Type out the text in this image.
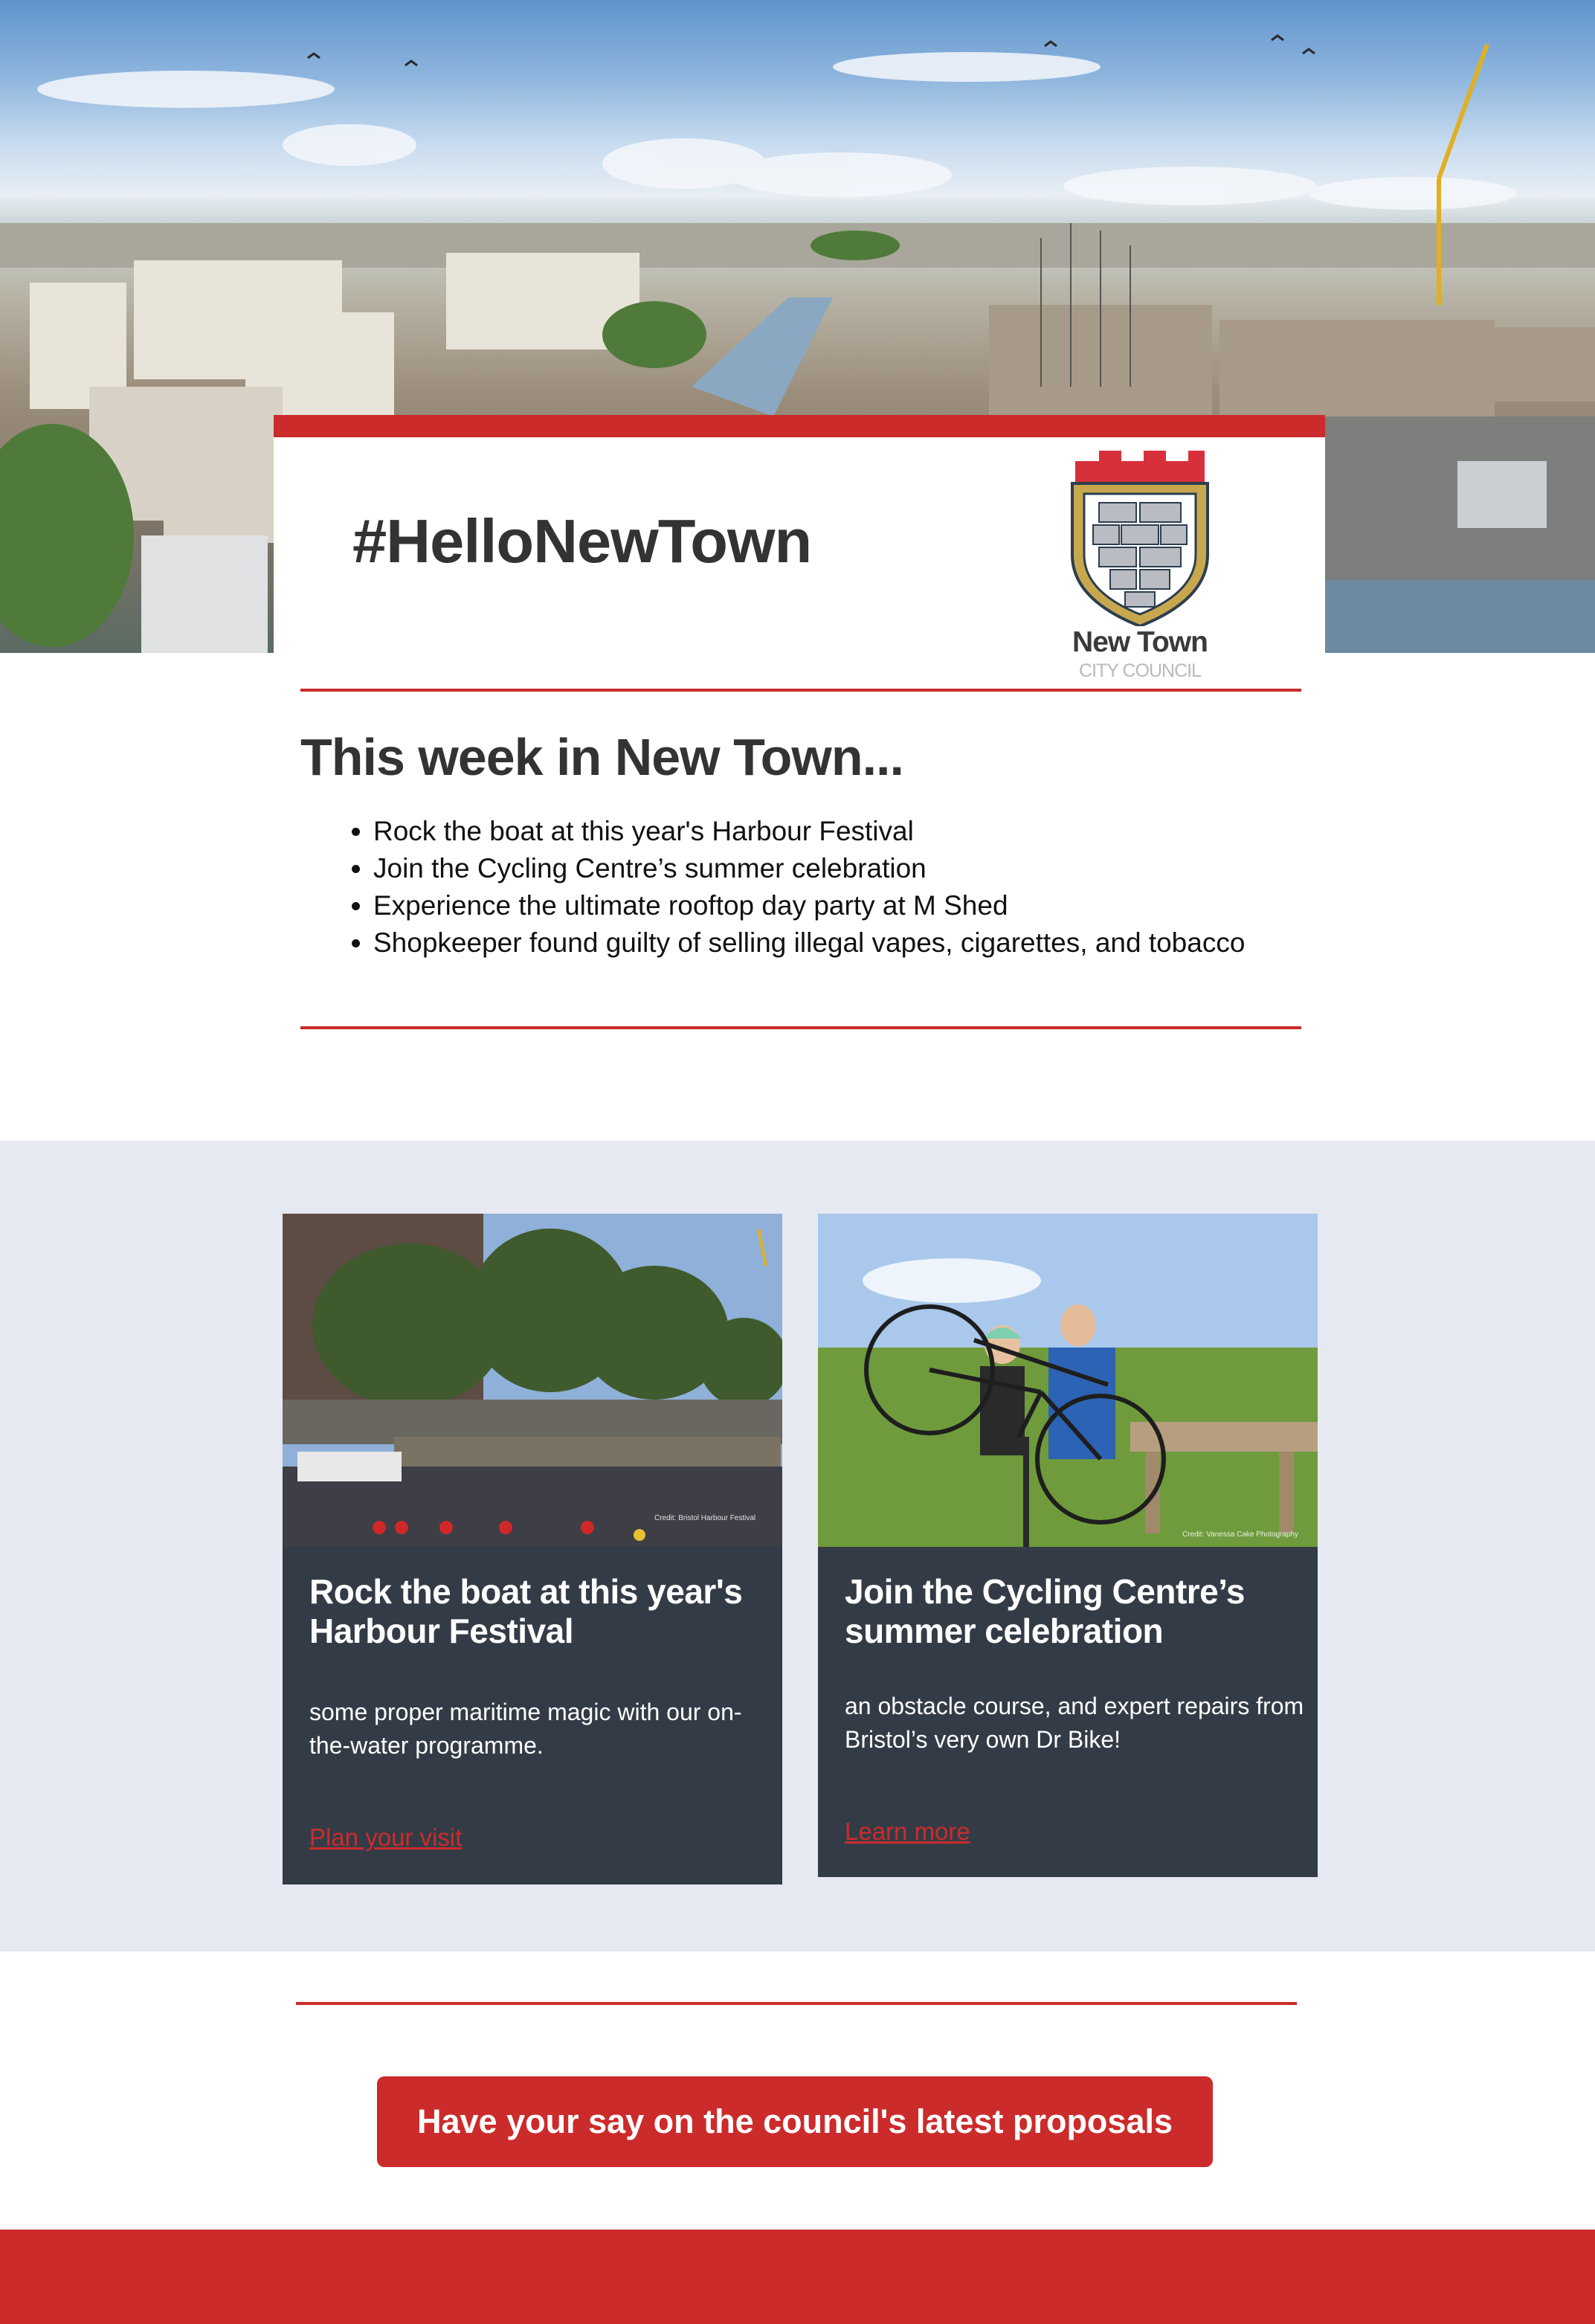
#HelloNewTown
New Town
CITY COUNCIL
This week in New Town...
• Rock the boat at this year's Harbour Festival
• Join the Cycling Centre’s summer celebration
• Experience the ultimate rooftop day party at M Shed
• Shopkeeper found guilty of selling illegal vapes, cigarettes, and tobacco
Credit: Bristol Harbour Festival
Rock the boat at this year's Harbour Festival
some proper maritime magic with our on-the-water programme.
Plan your visit
Credit: Vanessa Cake Photography
Join the Cycling Centre’s summer celebration
an obstacle course, and expert repairs from Bristol’s very own Dr Bike!
Learn more
Have your say on the council's latest proposals
